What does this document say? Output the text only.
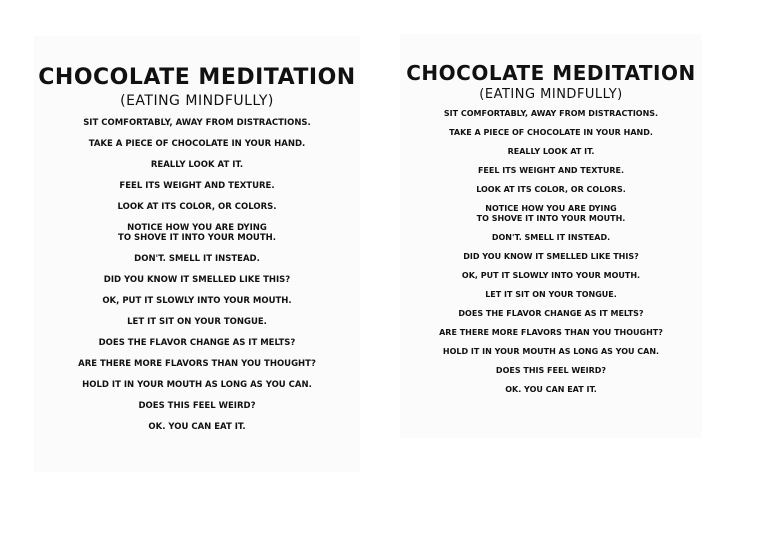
CHOCOLATE MEDITATION
(EATING MINDFULLY)
SIT COMFORTABLY, AWAY FROM DISTRACTIONS.
TAKE A PIECE OF CHOCOLATE IN YOUR HAND.
REALLY LOOK AT IT.
FEEL ITS WEIGHT AND TEXTURE.
LOOK AT ITS COLOR, OR COLORS.
NOTICE HOW YOU ARE DYING
TO SHOVE IT INTO YOUR MOUTH.
DON'T. SMELL IT INSTEAD.
DID YOU KNOW IT SMELLED LIKE THIS?
OK, PUT IT SLOWLY INTO YOUR MOUTH.
LET IT SIT ON YOUR TONGUE.
DOES THE FLAVOR CHANGE AS IT MELTS?
ARE THERE MORE FLAVORS THAN YOU THOUGHT?
HOLD IT IN YOUR MOUTH AS LONG AS YOU CAN.
DOES THIS FEEL WEIRD?
OK. YOU CAN EAT IT.
CHOCOLATE MEDITATION
(EATING MINDFULLY)
SIT COMFORTABLY, AWAY FROM DISTRACTIONS.
TAKE A PIECE OF CHOCOLATE IN YOUR HAND.
REALLY LOOK AT IT.
FEEL ITS WEIGHT AND TEXTURE.
LOOK AT ITS COLOR, OR COLORS.
NOTICE HOW YOU ARE DYING
TO SHOVE IT INTO YOUR MOUTH.
DON'T. SMELL IT INSTEAD.
DID YOU KNOW IT SMELLED LIKE THIS?
OK, PUT IT SLOWLY INTO YOUR MOUTH.
LET IT SIT ON YOUR TONGUE.
DOES THE FLAVOR CHANGE AS IT MELTS?
ARE THERE MORE FLAVORS THAN YOU THOUGHT?
HOLD IT IN YOUR MOUTH AS LONG AS YOU CAN.
DOES THIS FEEL WEIRD?
OK. YOU CAN EAT IT.
